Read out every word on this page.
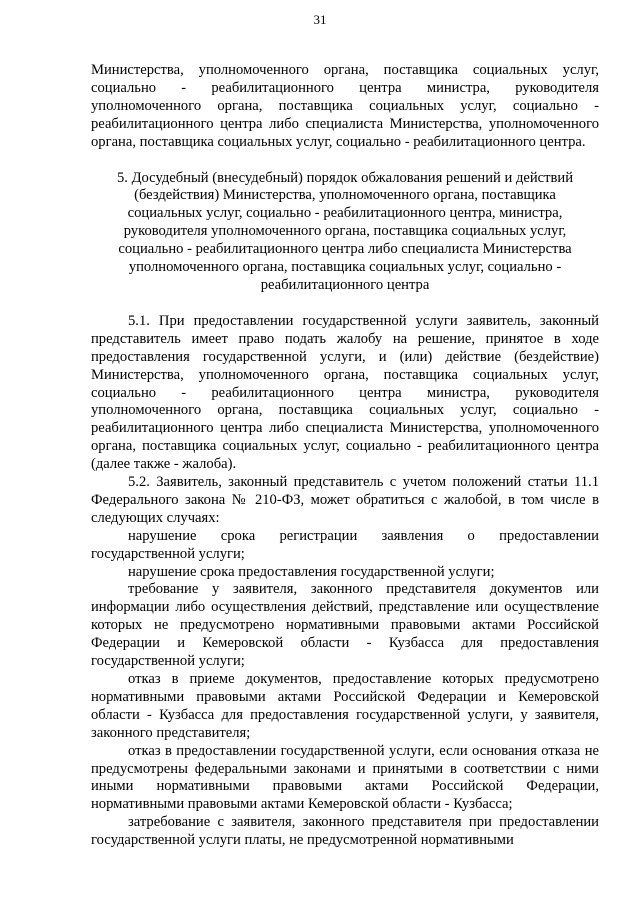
31

Министерства, уполномоченного органа, поставщика социальных услуг, социально - реабилитационного центра министра, руководителя уполномоченного органа, поставщика социальных услуг, социально - реабилитационного центра либо специалиста Министерства, уполномоченного органа, поставщика социальных услуг, социально - реабилитационного центра.

5. Досудебный (внесудебный) порядок обжалования решений и действий (бездействия) Министерства, уполномоченного органа, поставщика социальных услуг, социально - реабилитационного центра, министра, руководителя уполномоченного органа, поставщика социальных услуг, социально - реабилитационного центра либо специалиста Министерства уполномоченного органа, поставщика социальных услуг, социально - реабилитационного центра

5.1. При предоставлении государственной услуги заявитель, законный представитель имеет право подать жалобу на решение, принятое в ходе предоставления государственной услуги, и (или) действие (бездействие) Министерства, уполномоченного органа, поставщика социальных услуг, социально - реабилитационного центра министра, руководителя уполномоченного органа, поставщика социальных услуг, социально - реабилитационного центра либо специалиста Министерства, уполномоченного органа, поставщика социальных услуг, социально - реабилитационного центра (далее также - жалоба).

5.2. Заявитель, законный представитель с учетом положений статьи 11.1 Федерального закона № 210-ФЗ, может обратиться с жалобой, в том числе в следующих случаях:

нарушение срока регистрации заявления о предоставлении государственной услуги;

нарушение срока предоставления государственной услуги;

требование у заявителя, законного представителя документов или информации либо осуществления действий, представление или осуществление которых не предусмотрено нормативными правовыми актами Российской Федерации и Кемеровской области - Кузбасса для предоставления государственной услуги;

отказ в приеме документов, предоставление которых предусмотрено нормативными правовыми актами Российской Федерации и Кемеровской области - Кузбасса для предоставления государственной услуги, у заявителя, законного представителя;

отказ в предоставлении государственной услуги, если основания отказа не предусмотрены федеральными законами и принятыми в соответствии с ними иными нормативными правовыми актами Российской Федерации, нормативными правовыми актами Кемеровской области - Кузбасса;

затребование с заявителя, законного представителя при предоставлении государственной услуги платы, не предусмотренной нормативными
